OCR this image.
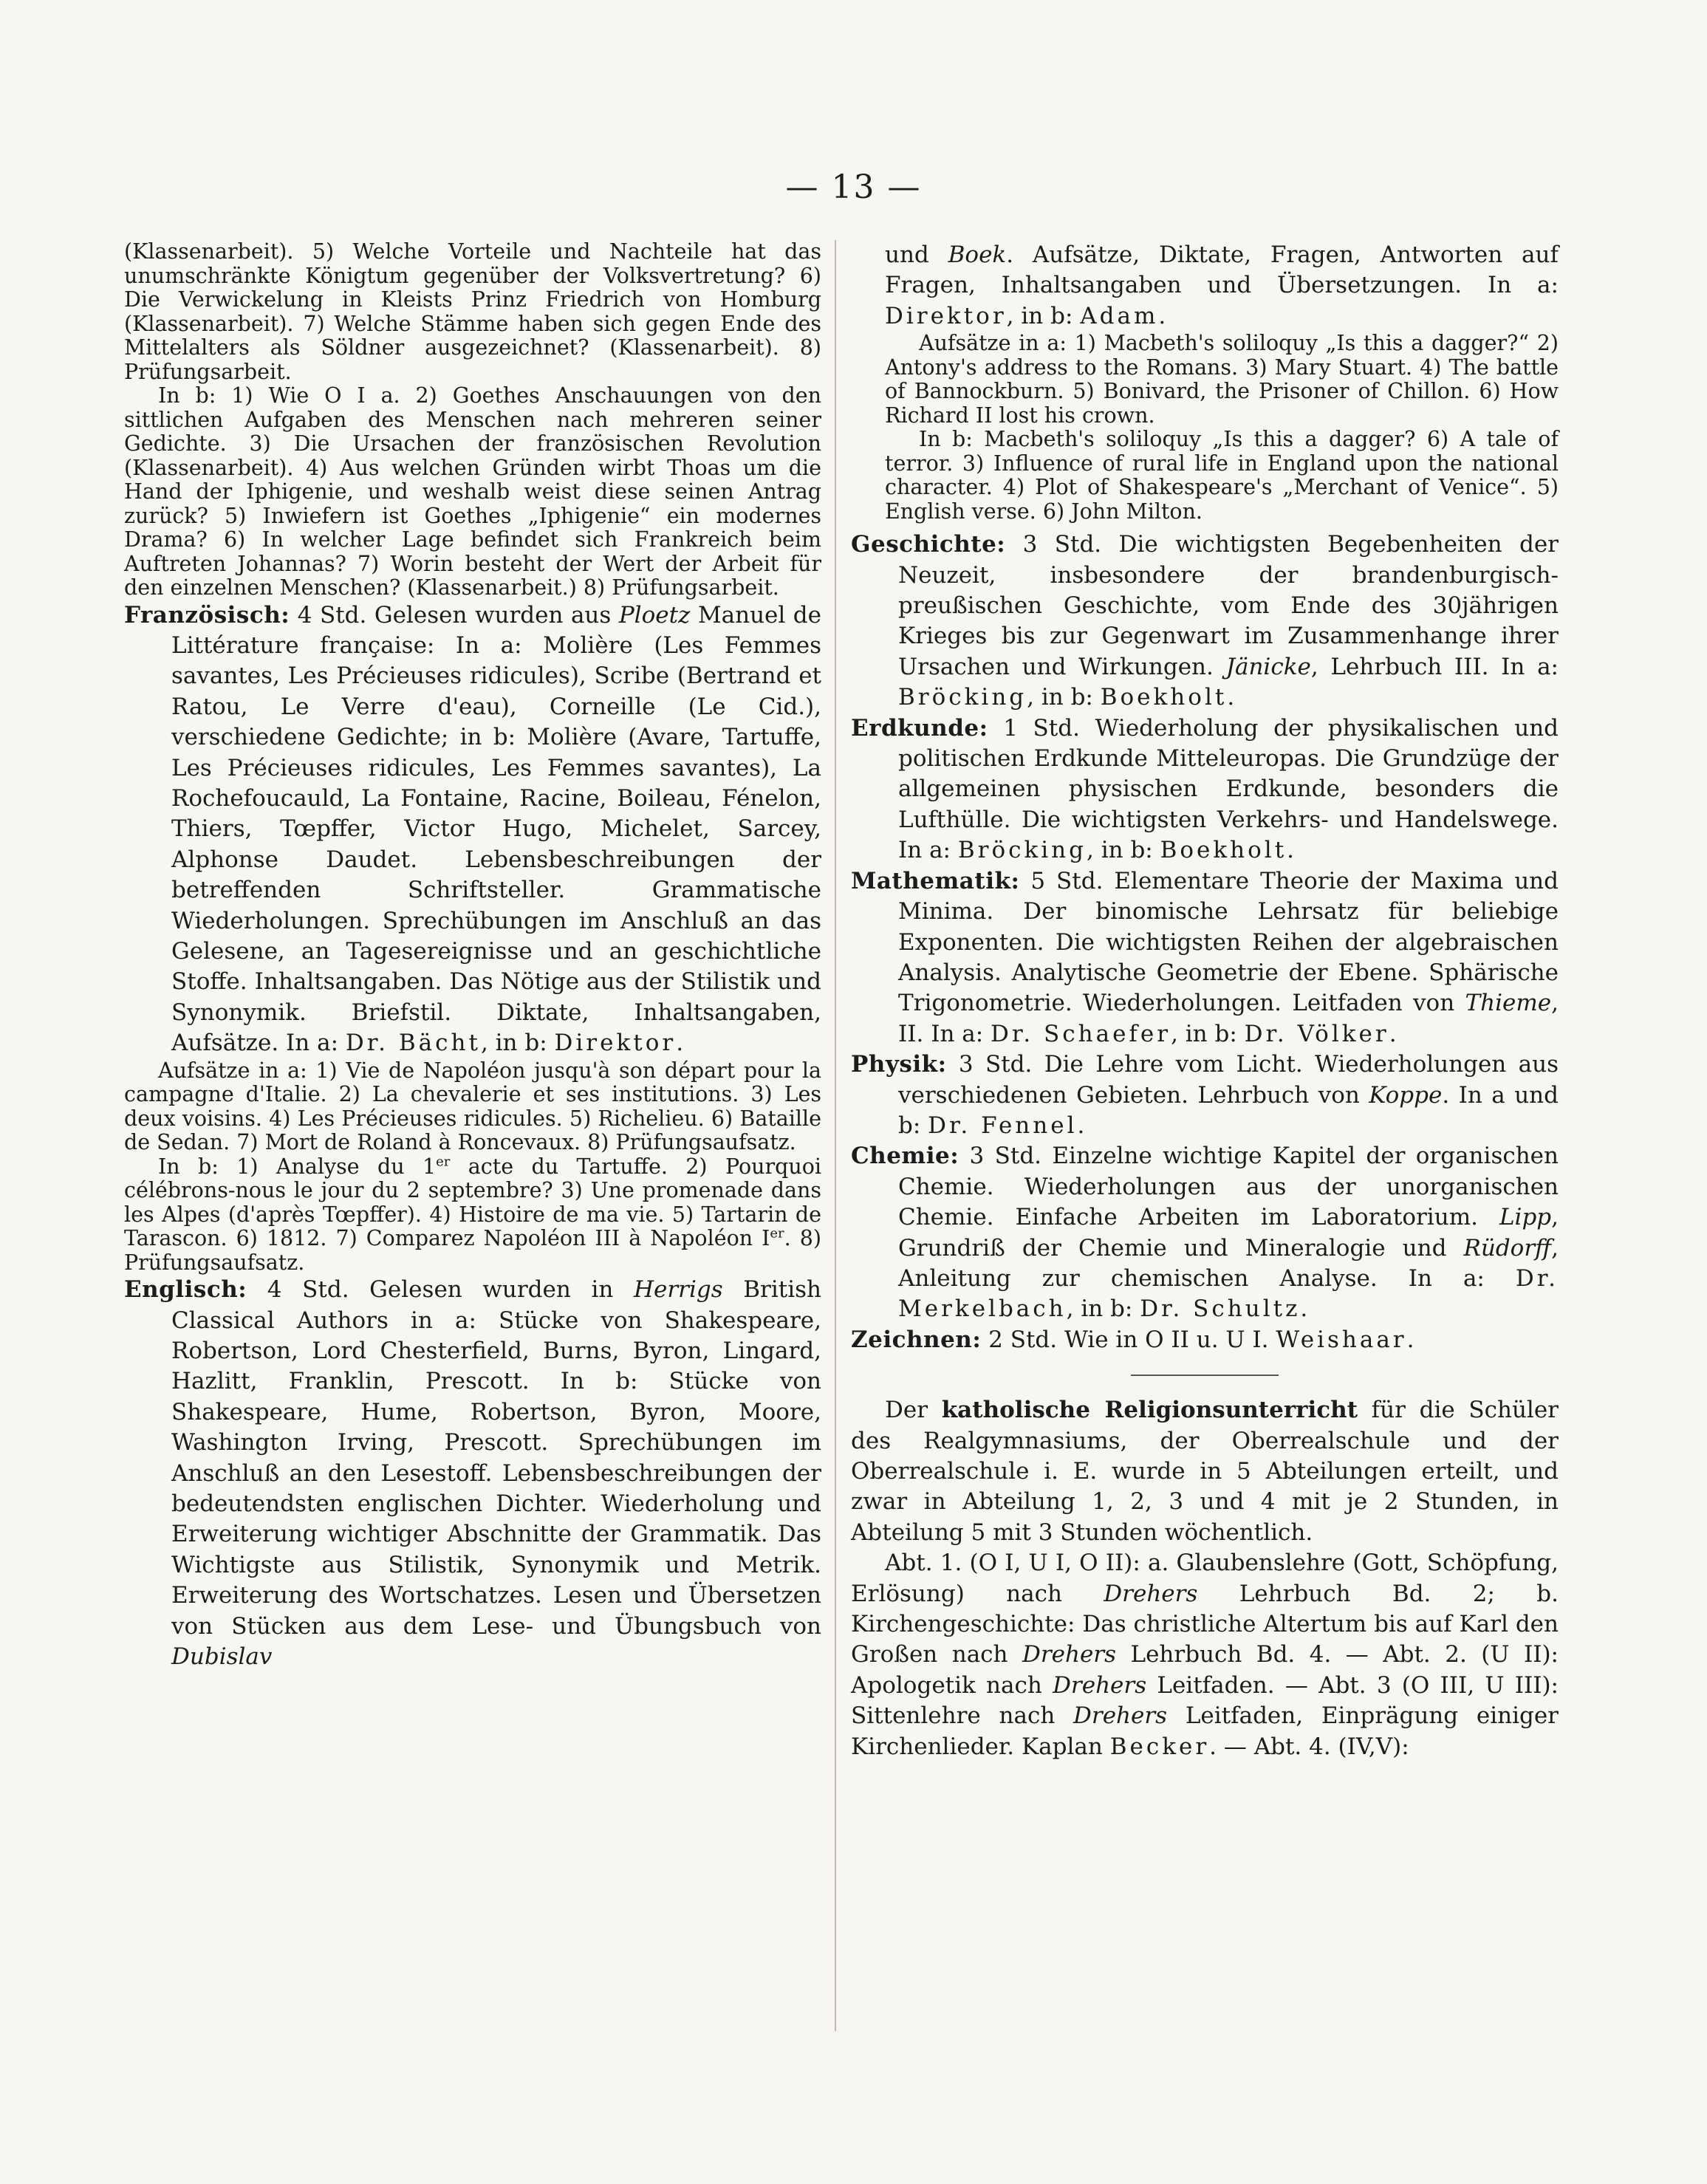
— 13 —

(Klassenarbeit). 5) Welche Vorteile und Nachteile hat das unumschränkte Königtum gegenüber der Volksvertretung? 6) Die Verwickelung in Kleists Prinz Friedrich von Homburg (Klassenarbeit). 7) Welche Stämme haben sich gegen Ende des Mittelalters als Söldner ausgezeichnet? (Klassenarbeit). 8) Prüfungsarbeit.

In b: 1) Wie O I a. 2) Goethes Anschauungen von den sittlichen Aufgaben des Menschen nach mehreren seiner Gedichte. 3) Die Ursachen der französischen Revolution (Klassenarbeit). 4) Aus welchen Gründen wirbt Thoas um die Hand der Iphigenie, und weshalb weist diese seinen Antrag zurück? 5) Inwiefern ist Goethes „Iphigenie“ ein modernes Drama? 6) In welcher Lage befindet sich Frankreich beim Auftreten Johannas? 7) Worin besteht der Wert der Arbeit für den einzelnen Menschen? (Klassenarbeit.) 8) Prüfungsarbeit.

Französisch: 4 Std. Gelesen wurden aus Ploetz Manuel de Littérature française: In a: Molière (Les Femmes savantes, Les Précieuses ridicules), Scribe (Bertrand et Ratou, Le Verre d'eau), Corneille (Le Cid.), verschiedene Gedichte; in b: Molière (Avare, Tartuffe, Les Précieuses ridicules, Les Femmes savantes), La Rochefoucauld, La Fontaine, Racine, Boileau, Fénelon, Thiers, Tœpffer, Victor Hugo, Michelet, Sarcey, Alphonse Daudet. Lebensbeschreibungen der betreffenden Schriftsteller. Grammatische Wiederholungen. Sprechübungen im Anschluß an das Gelesene, an Tagesereignisse und an geschichtliche Stoffe. Inhaltsangaben. Das Nötige aus der Stilistik und Synonymik. Briefstil. Diktate, Inhaltsangaben, Aufsätze. In a: Dr. Bächt, in b: Direktor.

Aufsätze in a: 1) Vie de Napoléon jusqu'à son départ pour la campagne d'Italie. 2) La chevalerie et ses institutions. 3) Les deux voisins. 4) Les Précieuses ridicules. 5) Richelieu. 6) Bataille de Sedan. 7) Mort de Roland à Roncevaux. 8) Prüfungsaufsatz.

In b: 1) Analyse du 1er acte du Tartuffe. 2) Pourquoi célébrons-nous le jour du 2 septembre? 3) Une promenade dans les Alpes (d'après Tœpffer). 4) Histoire de ma vie. 5) Tartarin de Tarascon. 6) 1812. 7) Comparez Napoléon III à Napoléon Ier. 8) Prüfungsaufsatz.

Englisch: 4 Std. Gelesen wurden in Herrigs British Classical Authors in a: Stücke von Shakespeare, Robertson, Lord Chesterfield, Burns, Byron, Lingard, Hazlitt, Franklin, Prescott. In b: Stücke von Shakespeare, Hume, Robertson, Byron, Moore, Washington Irving, Prescott. Sprechübungen im Anschluß an den Lesestoff. Lebensbeschreibungen der bedeutendsten englischen Dichter. Wiederholung und Erweiterung wichtiger Abschnitte der Grammatik. Das Wichtigste aus Stilistik, Synonymik und Metrik. Erweiterung des Wortschatzes. Lesen und Übersetzen von Stücken aus dem Lese- und Übungsbuch von Dubislav

und Boek. Aufsätze, Diktate, Fragen, Antworten auf Fragen, Inhaltsangaben und Übersetzungen. In a: Direktor, in b: Adam.

Aufsätze in a: 1) Macbeth's soliloquy „Is this a dagger?“ 2) Antony's address to the Romans. 3) Mary Stuart. 4) The battle of Bannockburn. 5) Bonivard, the Prisoner of Chillon. 6) How Richard II lost his crown.

In b: Macbeth's soliloquy „Is this a dagger? 6) A tale of terror. 3) Influence of rural life in England upon the national character. 4) Plot of Shakespeare's „Merchant of Venice“. 5) English verse. 6) John Milton.

Geschichte: 3 Std. Die wichtigsten Begebenheiten der Neuzeit, insbesondere der brandenburgisch-preußischen Geschichte, vom Ende des 30jährigen Krieges bis zur Gegenwart im Zusammenhange ihrer Ursachen und Wirkungen. Jänicke, Lehrbuch III. In a: Bröcking, in b: Boekholt.

Erdkunde: 1 Std. Wiederholung der physikalischen und politischen Erdkunde Mitteleuropas. Die Grundzüge der allgemeinen physischen Erdkunde, besonders die Lufthülle. Die wichtigsten Verkehrs- und Handelswege. In a: Bröcking, in b: Boekholt.

Mathematik: 5 Std. Elementare Theorie der Maxima und Minima. Der binomische Lehrsatz für beliebige Exponenten. Die wichtigsten Reihen der algebraischen Analysis. Analytische Geometrie der Ebene. Sphärische Trigonometrie. Wiederholungen. Leitfaden von Thieme, II. In a: Dr. Schaefer, in b: Dr. Völker.

Physik: 3 Std. Die Lehre vom Licht. Wiederholungen aus verschiedenen Gebieten. Lehrbuch von Koppe. In a und b: Dr. Fennel.

Chemie: 3 Std. Einzelne wichtige Kapitel der organischen Chemie. Wiederholungen aus der unorganischen Chemie. Einfache Arbeiten im Laboratorium. Lipp, Grundriß der Chemie und Mineralogie und Rüdorff, Anleitung zur chemischen Analyse. In a: Dr. Merkelbach, in b: Dr. Schultz.

Zeichnen: 2 Std. Wie in O II u. U I. Weishaar.

Der katholische Religionsunterricht für die Schüler des Realgymnasiums, der Oberrealschule und der Oberrealschule i. E. wurde in 5 Abteilungen erteilt, und zwar in Abteilung 1, 2, 3 und 4 mit je 2 Stunden, in Abteilung 5 mit 3 Stunden wöchentlich.

Abt. 1. (O I, U I, O II): a. Glaubenslehre (Gott, Schöpfung, Erlösung) nach Drehers Lehrbuch Bd. 2; b. Kirchengeschichte: Das christliche Altertum bis auf Karl den Großen nach Drehers Lehrbuch Bd. 4. — Abt. 2. (U II): Apologetik nach Drehers Leitfaden. — Abt. 3 (O III, U III): Sittenlehre nach Drehers Leitfaden, Einprägung einiger Kirchenlieder. Kaplan Becker. — Abt. 4. (IV,V):
